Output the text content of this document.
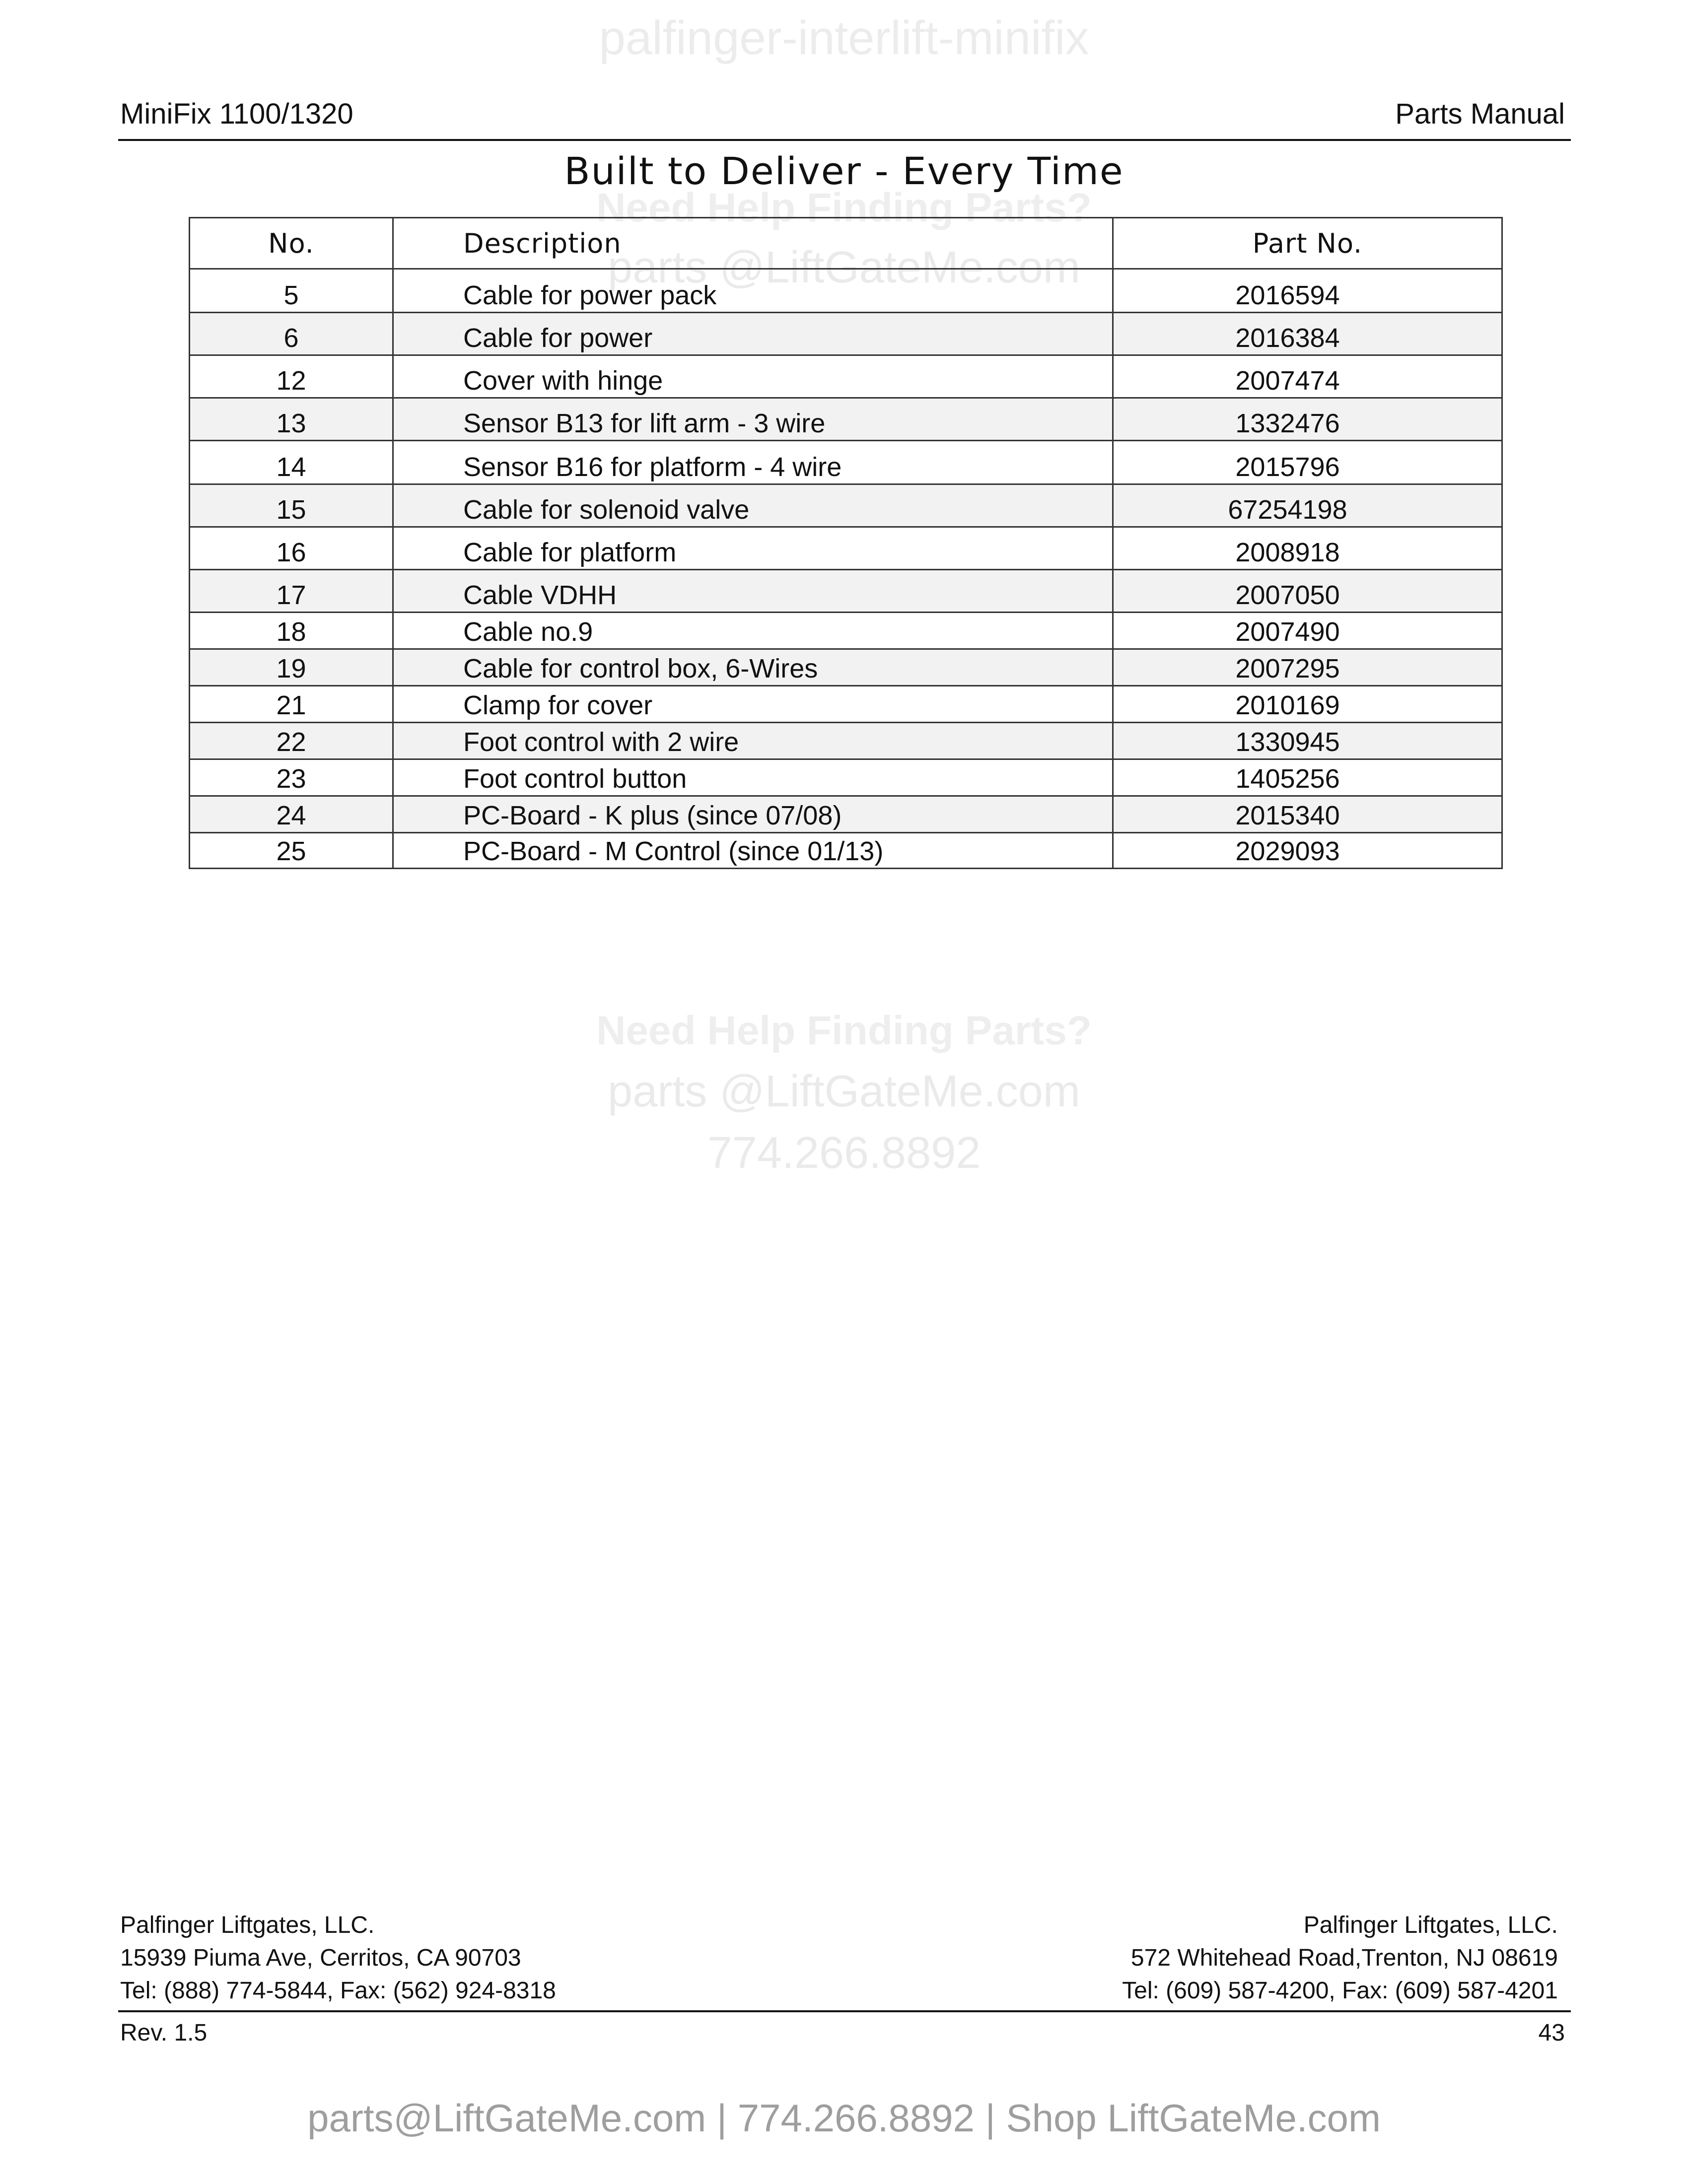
palfinger-interlift-minifix
Need Help Finding Parts?
parts @LiftGateMe.com
Need Help Finding Parts?
parts @LiftGateMe.com
774.266.8892
MiniFix 1100/1320	Parts Manual
Built to Deliver - Every Time
No.	Description	Part No.
5	Cable for power pack	2016594
6	Cable for power	2016384
12	Cover with hinge	2007474
13	Sensor B13 for lift arm - 3 wire	1332476
14	Sensor B16 for platform - 4 wire	2015796
15	Cable for solenoid valve	67254198
16	Cable for platform	2008918
17	Cable VDHH	2007050
18	Cable no.9	2007490
19	Cable for control box, 6-Wires	2007295
21	Clamp for cover	2010169
22	Foot control with 2 wire	1330945
23	Foot control button	1405256
24	PC-Board - K plus (since 07/08)	2015340
25	PC-Board - M Control (since 01/13)	2029093
Palfinger Liftgates, LLC.
15939 Piuma Ave, Cerritos, CA 90703
Tel: (888) 774-5844, Fax: (562) 924-8318
Palfinger Liftgates, LLC.
572 Whitehead Road,Trenton, NJ 08619
Tel: (609) 587-4200, Fax: (609) 587-4201
Rev. 1.5	43
parts@LiftGateMe.com | 774.266.8892 | Shop LiftGateMe.com
